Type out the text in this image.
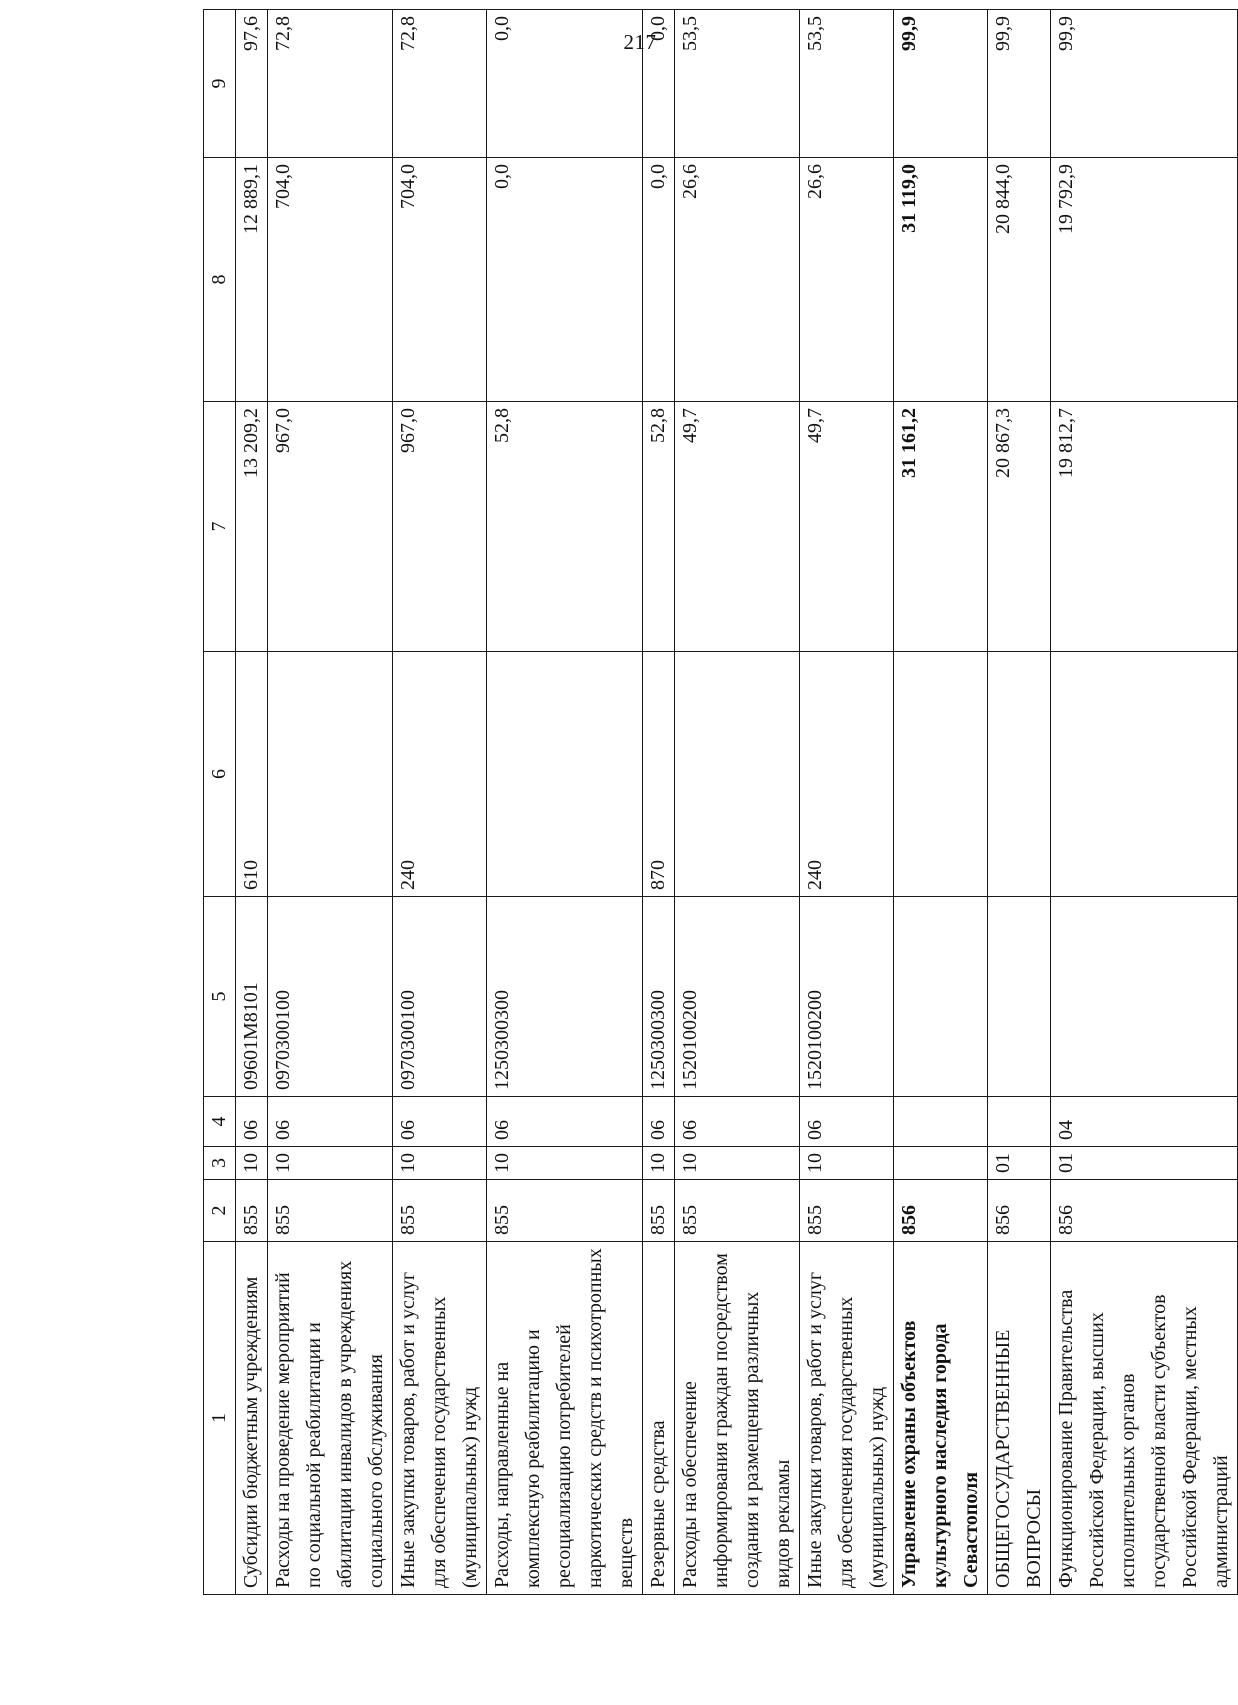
217
1	2	3	4	5	6	7	8	9
Субсидии бюджетным учреждениям	855	10	06	09601М8101	610	13 209,2	12 889,1	97,6
Расходы на проведение мероприятий по социальной реабилитации и абилитации инвалидов в учреждениях социального обслуживания	855	10	06	0970300100		967,0	704,0	72,8
Иные закупки товаров, работ и услуг для обеспечения государственных (муниципальных) нужд	855	10	06	0970300100	240	967,0	704,0	72,8
Расходы, направленные на комплексную реабилитацию и ресоциализацию потребителей наркотических средств и психотропных веществ	855	10	06	1250300300		52,8	0,0	0,0
Резервные средства	855	10	06	1250300300	870	52,8	0,0	0,0
Расходы на обеспечение информирования граждан посредством создания и размещения различных видов рекламы	855	10	06	1520100200		49,7	26,6	53,5
Иные закупки товаров, работ и услуг для обеспечения государственных (муниципальных) нужд	855	10	06	1520100200	240	49,7	26,6	53,5
Управление охраны объектов культурного наследия города Севастополя	856					31 161,2	31 119,0	99,9
ОБЩЕГОСУДАРСТВЕННЫЕ ВОПРОСЫ	856	01				20 867,3	20 844,0	99,9
Функционирование Правительства Российской Федерации, высших исполнительных органов государственной власти субъектов Российской Федерации, местных администраций	856	01	04			19 812,7	19 792,9	99,9
